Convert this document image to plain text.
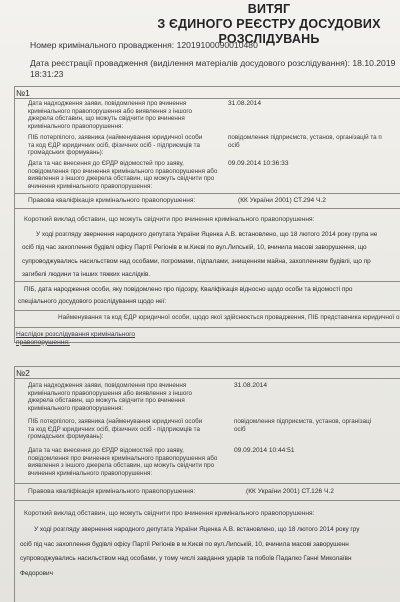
ВИТЯГ
З ЄДИНОГО РЕЄСТРУ ДОСУДОВИХ РОЗСЛІДУВАНЬ
Номер кримінального провадження: 12019100090010480
Дата реєстрації провадження (виділення матеріалів досудового розслідування): 18.10.2019
18:31:23
№1
Дата надходження заяви, повідомлення про вчинення
кримінального правопорушення або виявлення з іншого
джерела обставин, що можуть свідчити про вчинення
кримінального правопорушення:
31.08.2014
ПІБ потерпілого, заявника (найменування юридичної особи
та код ЄДР юридичних осіб, фізичних осіб - підприємців та
громадських формувань):
повідомлення підприємств, установ, організацій та п
осіб
Дата та час внесення до ЄРДР відомостей про заяву,
повідомлення про вчинення кримінального правопорушення або
виявлення з іншого джерела обставин, що можуть свідчити про
вчинення кримінального правопорушення:
09.09.2014 10:36:33
Правова кваліфікація кримінального правопорушення:	(КК України 2001) СТ.294 Ч.2
Короткий виклад обставин, що можуть свідчити про вчинення кримінального правопорушення:
У ході розгляду звернення народного депутата України Яценка А.В. встановлено, що 18 лютого 2014 року група не
осіб під час захоплення будівлі офісу Партії Регіонів в м.Києві по вул.Липській, 10, вчинила масові заворушення, що
супроводжувались насильством над особами, погромами, підпалами, знищенням майна, захопленням будівлі, що пр
загибелі людини та інших тяжких наслідків.
ПІБ, дата народження особи, яку повідомлено про підозру, Кваліфікація відносно щодо особи та відомості про
спеціального досудового розслідування щодо неї:
Найменування та код ЄДР юридичної особи, щодо якої здійснюється провадження, ПІБ представника юридичної о
Наслідок розслідування кримінального
правопорушення:
№2
Дата надходження заяви, повідомлення про вчинення
кримінального правопорушення або виявлення з іншого
джерела обставин, що можуть свідчити про вчинення
кримінального правопорушення:
31.08.2014
ПІБ потерпілого, заявника (найменування юридичної особи
та код ЄДР юридичних осіб, фізичних осіб - підприємців та
громадських формувань):
повідомлення підприємств, установ, організаці
осіб
Дата та час внесення до ЄРДР відомостей про заяву,
повідомлення про вчинення кримінального правопорушення або
виявлення з іншого джерела обставин, що можуть свідчити про
вчинення кримінального правопорушення:
09.09.2014 10:44:51
Правова кваліфікація кримінального правопорушення:	(КК України 2001) СТ.126 Ч.2
Короткий виклад обставин, що можуть свідчити про вчинення кримінального правопорушення:
У ході розгляду звернення народного депутата України Яценка А.В. встановлено, що 18 лютого 2014 року гру
осіб під час захоплення будівлі офісу Партії Регіонів в м.Києві по вул.Липській, 10, вчинила масові заворушенн
супроводжувались насильством над особами, у тому числі завдання ударів та побоїв Падалко Ганні Миколаївн
Федорович
